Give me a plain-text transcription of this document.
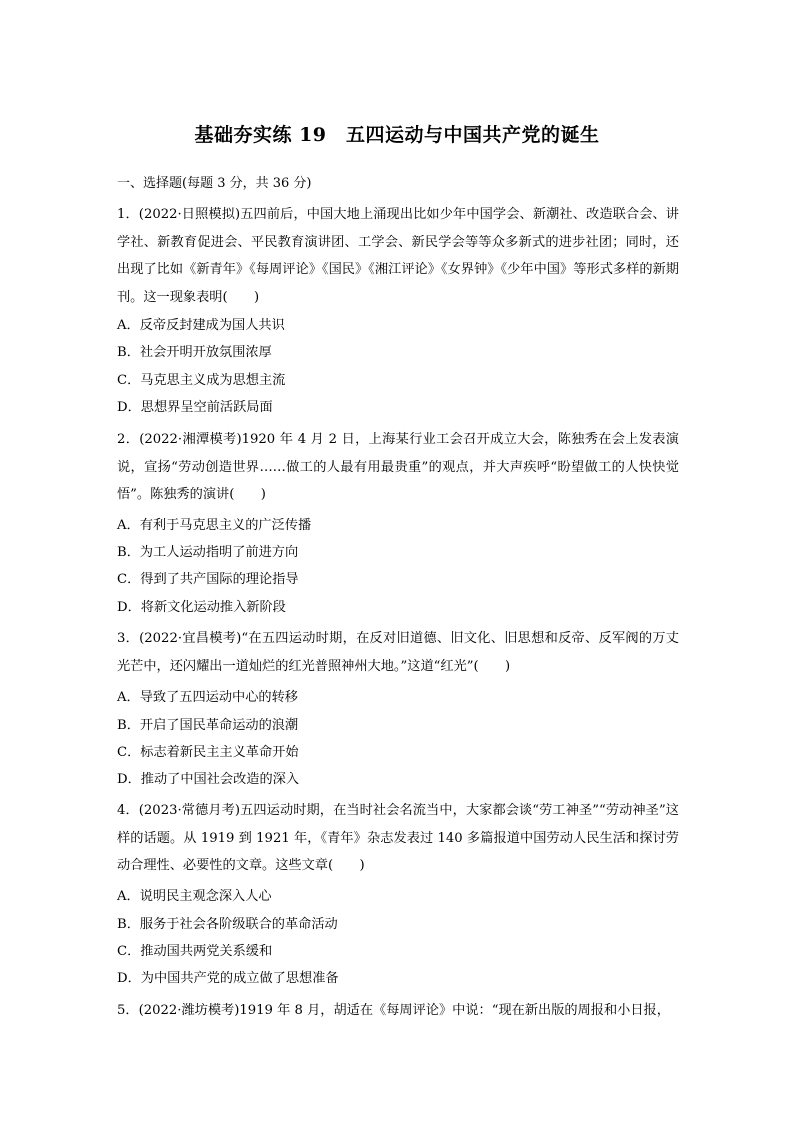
基础夯实练 19　五四运动与中国共产党的诞生
一、选择题(每题 3 分，共 36 分)
1．(2022·日照模拟)五四前后，中国大地上涌现出比如少年中国学会、新潮社、改造联合会、讲学社、新教育促进会、平民教育演讲团、工学会、新民学会等等众多新式的进步社团；同时，还出现了比如《新青年》《每周评论》《国民》《湘江评论》《女界钟》《少年中国》等形式多样的新期刊。这一现象表明(　　)
A．反帝反封建成为国人共识
B．社会开明开放氛围浓厚
C．马克思主义成为思想主流
D．思想界呈空前活跃局面
2．(2022·湘潭模考)1920 年 4 月 2 日，上海某行业工会召开成立大会，陈独秀在会上发表演说，宣扬“劳动创造世界……做工的人最有用最贵重”的观点，并大声疾呼“盼望做工的人快快觉悟”。陈独秀的演讲(　　)
A．有利于马克思主义的广泛传播
B．为工人运动指明了前进方向
C．得到了共产国际的理论指导
D．将新文化运动推入新阶段
3．(2022·宜昌模考)“在五四运动时期，在反对旧道德、旧文化、旧思想和反帝、反军阀的万丈光芒中，还闪耀出一道灿烂的红光普照神州大地。”这道“红光”(　　)
A．导致了五四运动中心的转移
B．开启了国民革命运动的浪潮
C．标志着新民主主义革命开始
D．推动了中国社会改造的深入
4．(2023·常德月考)五四运动时期，在当时社会名流当中，大家都会谈“劳工神圣”“劳动神圣”这样的话题。从 1919 到 1921 年，《青年》杂志发表过 140 多篇报道中国劳动人民生活和探讨劳动合理性、必要性的文章。这些文章(　　)
A．说明民主观念深入人心
B．服务于社会各阶级联合的革命活动
C．推动国共两党关系缓和
D．为中国共产党的成立做了思想准备
5．(2022·潍坊模考)1919 年 8 月，胡适在《每周评论》中说：“现在新出版的周报和小日报，
